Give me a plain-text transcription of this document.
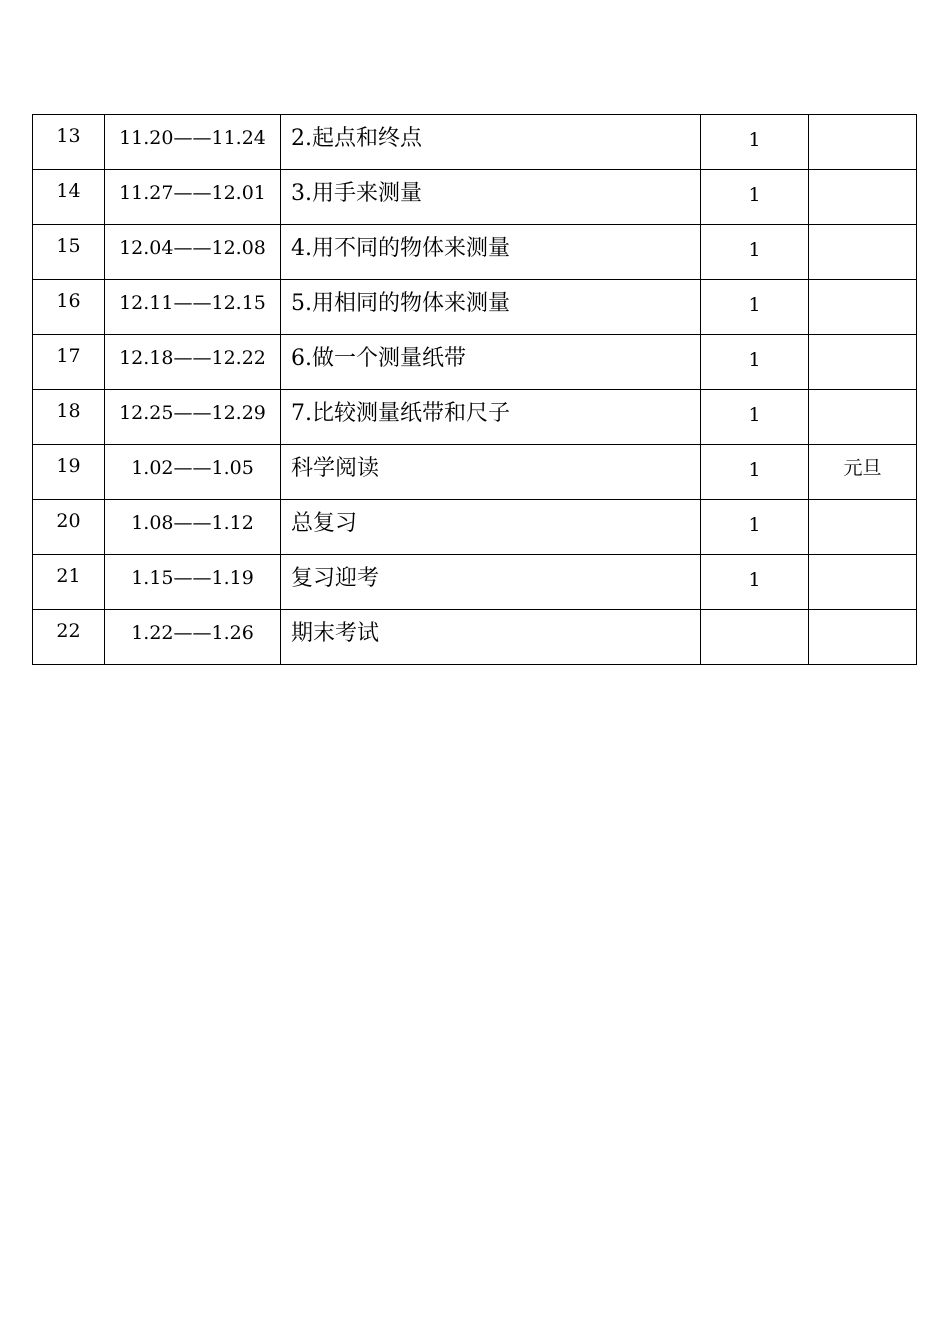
13	11.20——11.24	2.起点和终点	1	
14	11.27——12.01	3.用手来测量	1	
15	12.04——12.08	4.用不同的物体来测量	1	
16	12.11——12.15	5.用相同的物体来测量	1	
17	12.18——12.22	6.做一个测量纸带	1	
18	12.25——12.29	7.比较测量纸带和尺子	1	
19	1.02——1.05	科学阅读	1	元旦
20	1.08——1.12	总复习	1	
21	1.15——1.19	复习迎考	1	
22	1.22——1.26	期末考试		
